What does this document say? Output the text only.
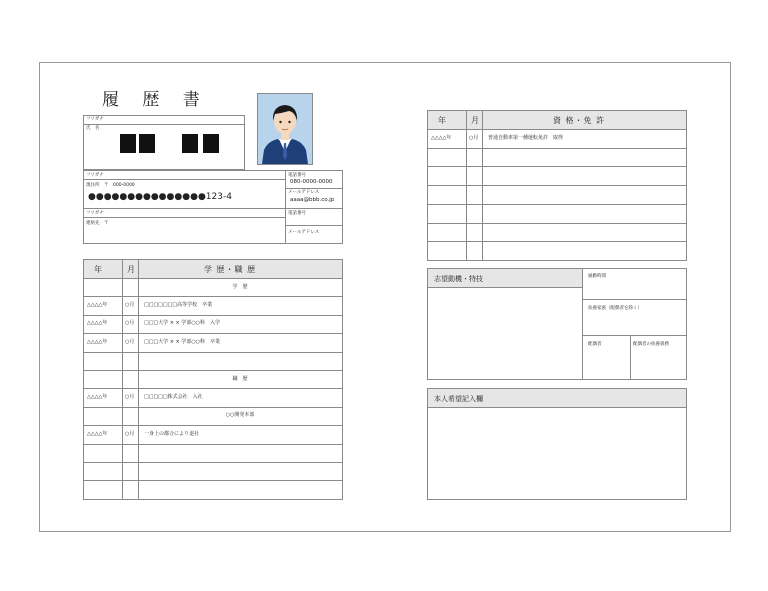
履 歴 書
フリガナ
氏　名
フリガナ
現住所　〒　000-0000
●●●●●●●●●●●●●●●123-4
フリガナ
連絡先　〒
電話番号
080-0000-0000
メールアドレス
aaaa@bbb.co.jp
電話番号
メールアドレス
年	月	学 歴・職 歴
学　歴
△△△△年	○月 □□□□□□□高等学校　卒業
△△△△年	○月 □□□大学 × × 学部○○科　入学
△△△△年	○月 □□□大学 × × 学部○○科　卒業
職　歴
△△△△年	○月 □□□□□株式会社　入社
○○開発本部
△△△△年	○月 一身上の都合により退社
年	月	資 格・免 許
△△△△年	○月 普通自動車第一種運転免許　取得
志望動機・特技	通勤時間
扶養家族（配偶者を除く）
配偶者	配偶者の扶養義務
本人希望記入欄
